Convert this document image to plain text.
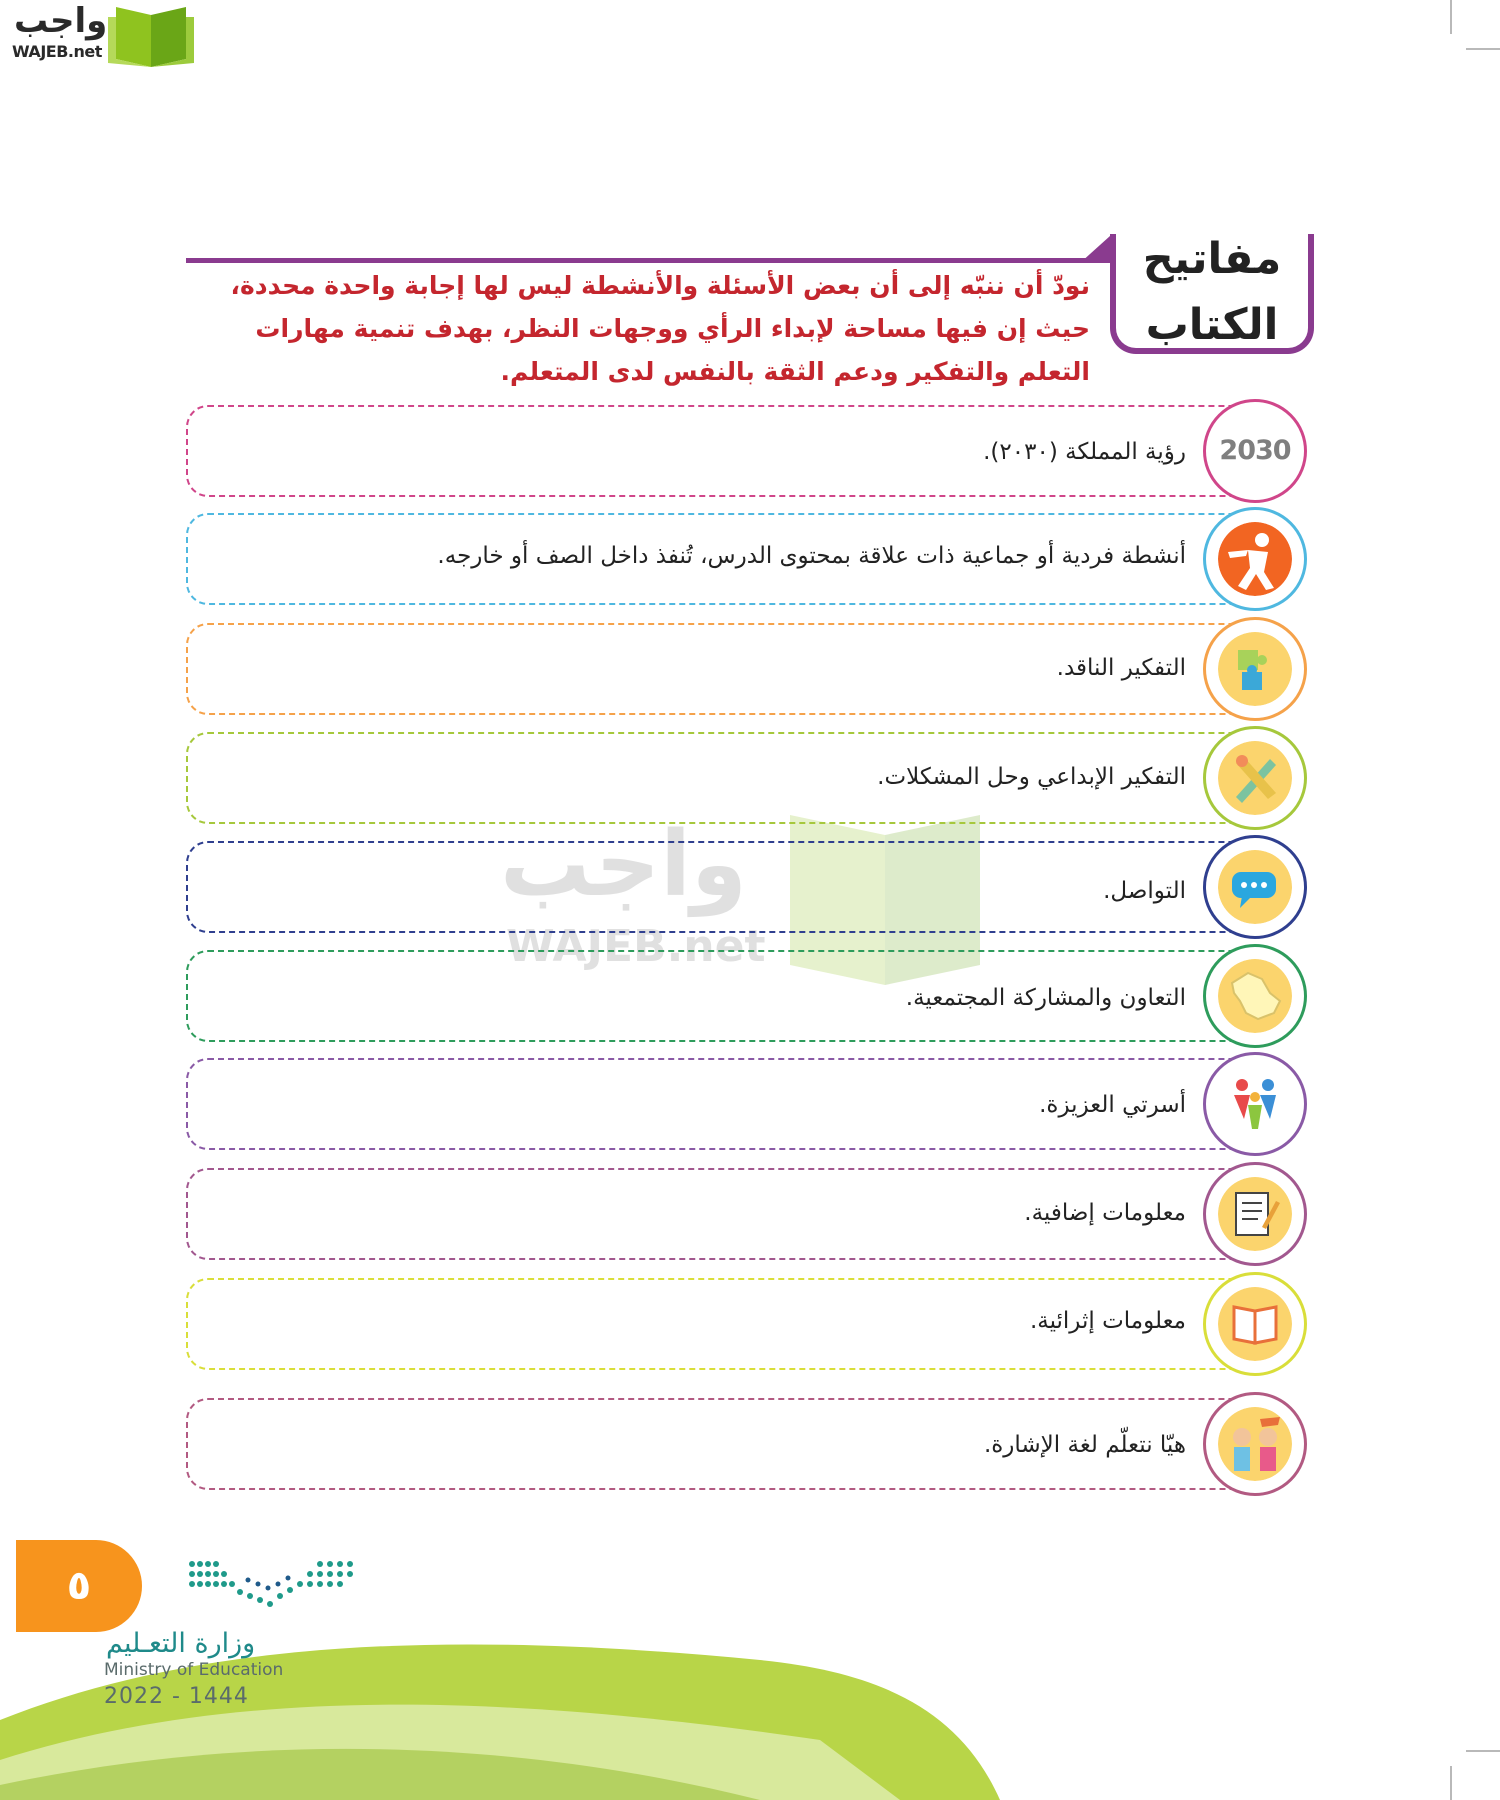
واجب
WAJEB.net
مفاتيح
الكتاب
نودّ أن ننبّه إلى أن بعض الأسئلة والأنشطة ليس لها إجابة واحدة محددة، حيث إن فيها مساحة لإبداء الرأي ووجهات النظر، بهدف تنمية مهارات التعلم والتفكير ودعم الثقة بالنفس لدى المتعلم.
واجب
WAJEB.net
رؤية المملكة (٢٠٣٠). 2030
أنشطة فردية أو جماعية ذات علاقة بمحتوى الدرس، تُنفذ داخل الصف أو خارجه.
التفكير الناقد.
التفكير الإبداعي وحل المشكلات.
التواصل.
التعاون والمشاركة المجتمعية.
أسرتي العزيزة.
معلومات إضافية.
معلومات إثرائية.
هيّا نتعلّم لغة الإشارة.
٥
وزارة التعـليم
Ministry of Education
2022 - 1444
